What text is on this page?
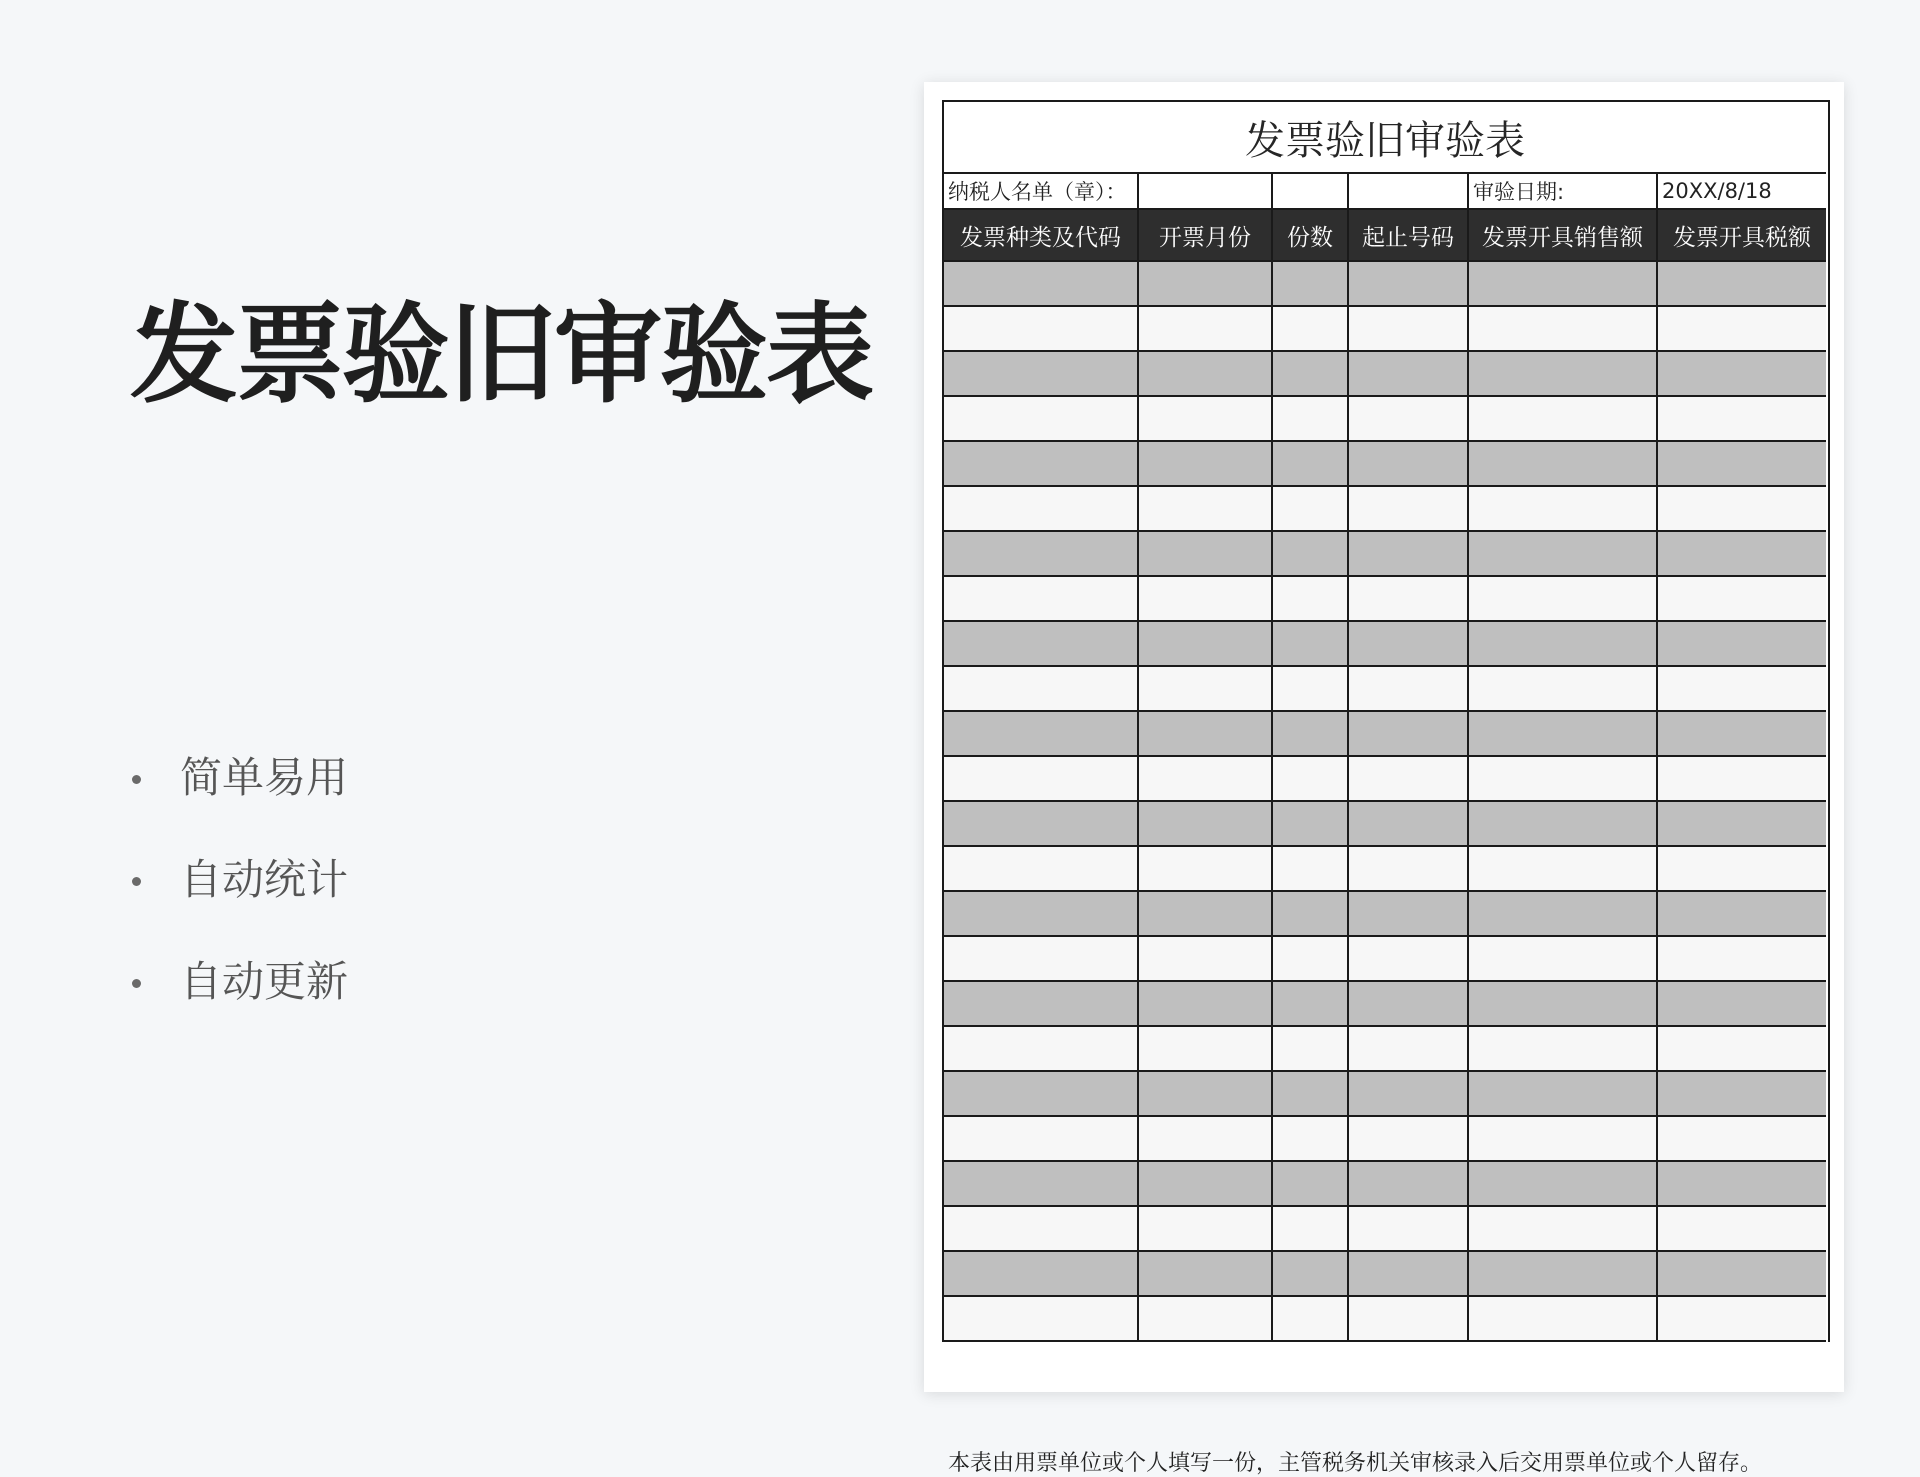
发票验旧审验表
简单易用
自动统计
自动更新
发票验旧审验表					
纳税人名单（章）：				审验日期:	20XX/8/18
发票种类及代码	开票月份	份数	起止号码	发票开具销售额	发票开具税额

本表由用票单位或个人填写一份，主管税务机关审核录入后交用票单位或个人留存。
